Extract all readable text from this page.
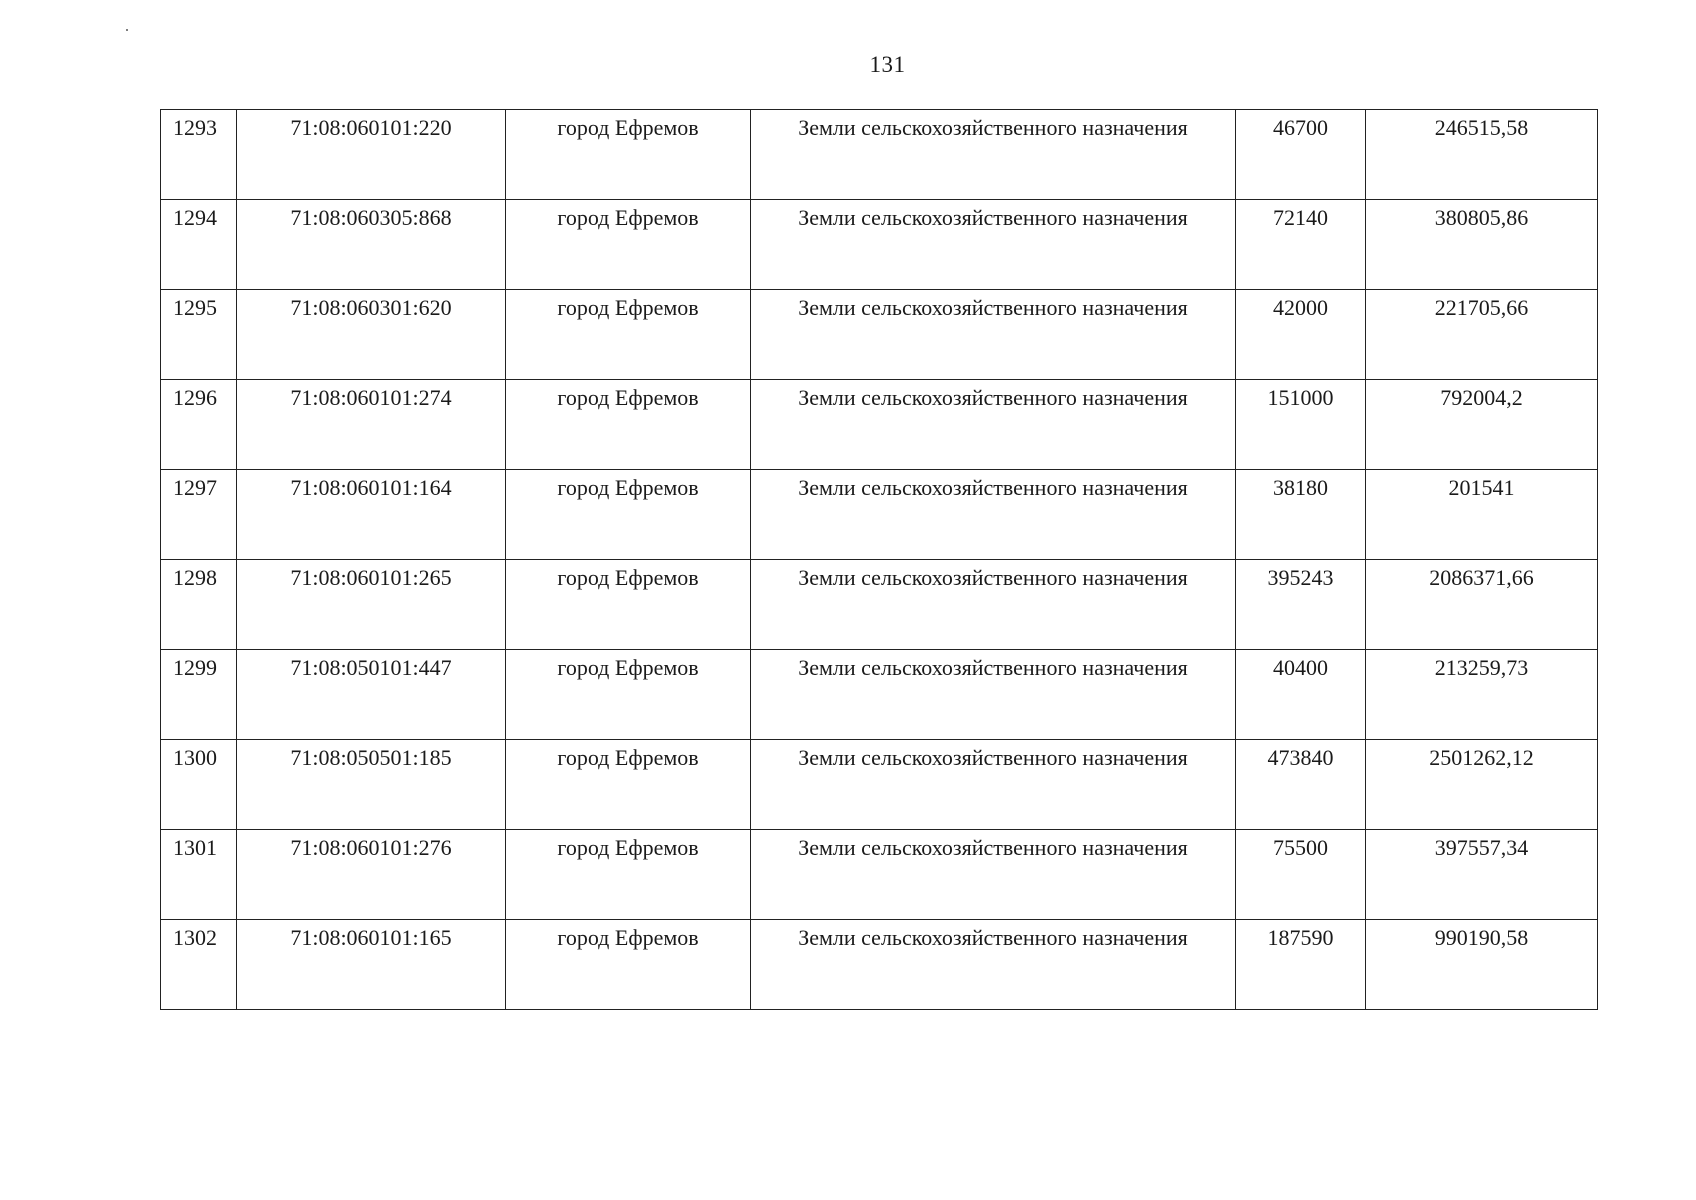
131
1293	71:08:060101:220	город Ефремов	Земли сельскохозяйственного назначения	46700	246515,58

1294	71:08:060305:868	город Ефремов	Земли сельскохозяйственного назначения	72140	380805,86

1295	71:08:060301:620	город Ефремов	Земли сельскохозяйственного назначения	42000	221705,66

1296	71:08:060101:274	город Ефремов	Земли сельскохозяйственного назначения	151000	792004,2

1297	71:08:060101:164	город Ефремов	Земли сельскохозяйственного назначения	38180	201541

1298	71:08:060101:265	город Ефремов	Земли сельскохозяйственного назначения	395243	2086371,66

1299	71:08:050101:447	город Ефремов	Земли сельскохозяйственного назначения	40400	213259,73

1300	71:08:050501:185	город Ефремов	Земли сельскохозяйственного назначения	473840	2501262,12

1301	71:08:060101:276	город Ефремов	Земли сельскохозяйственного назначения	75500	397557,34

1302	71:08:060101:165	город Ефремов	Земли сельскохозяйственного назначения	187590	990190,58
